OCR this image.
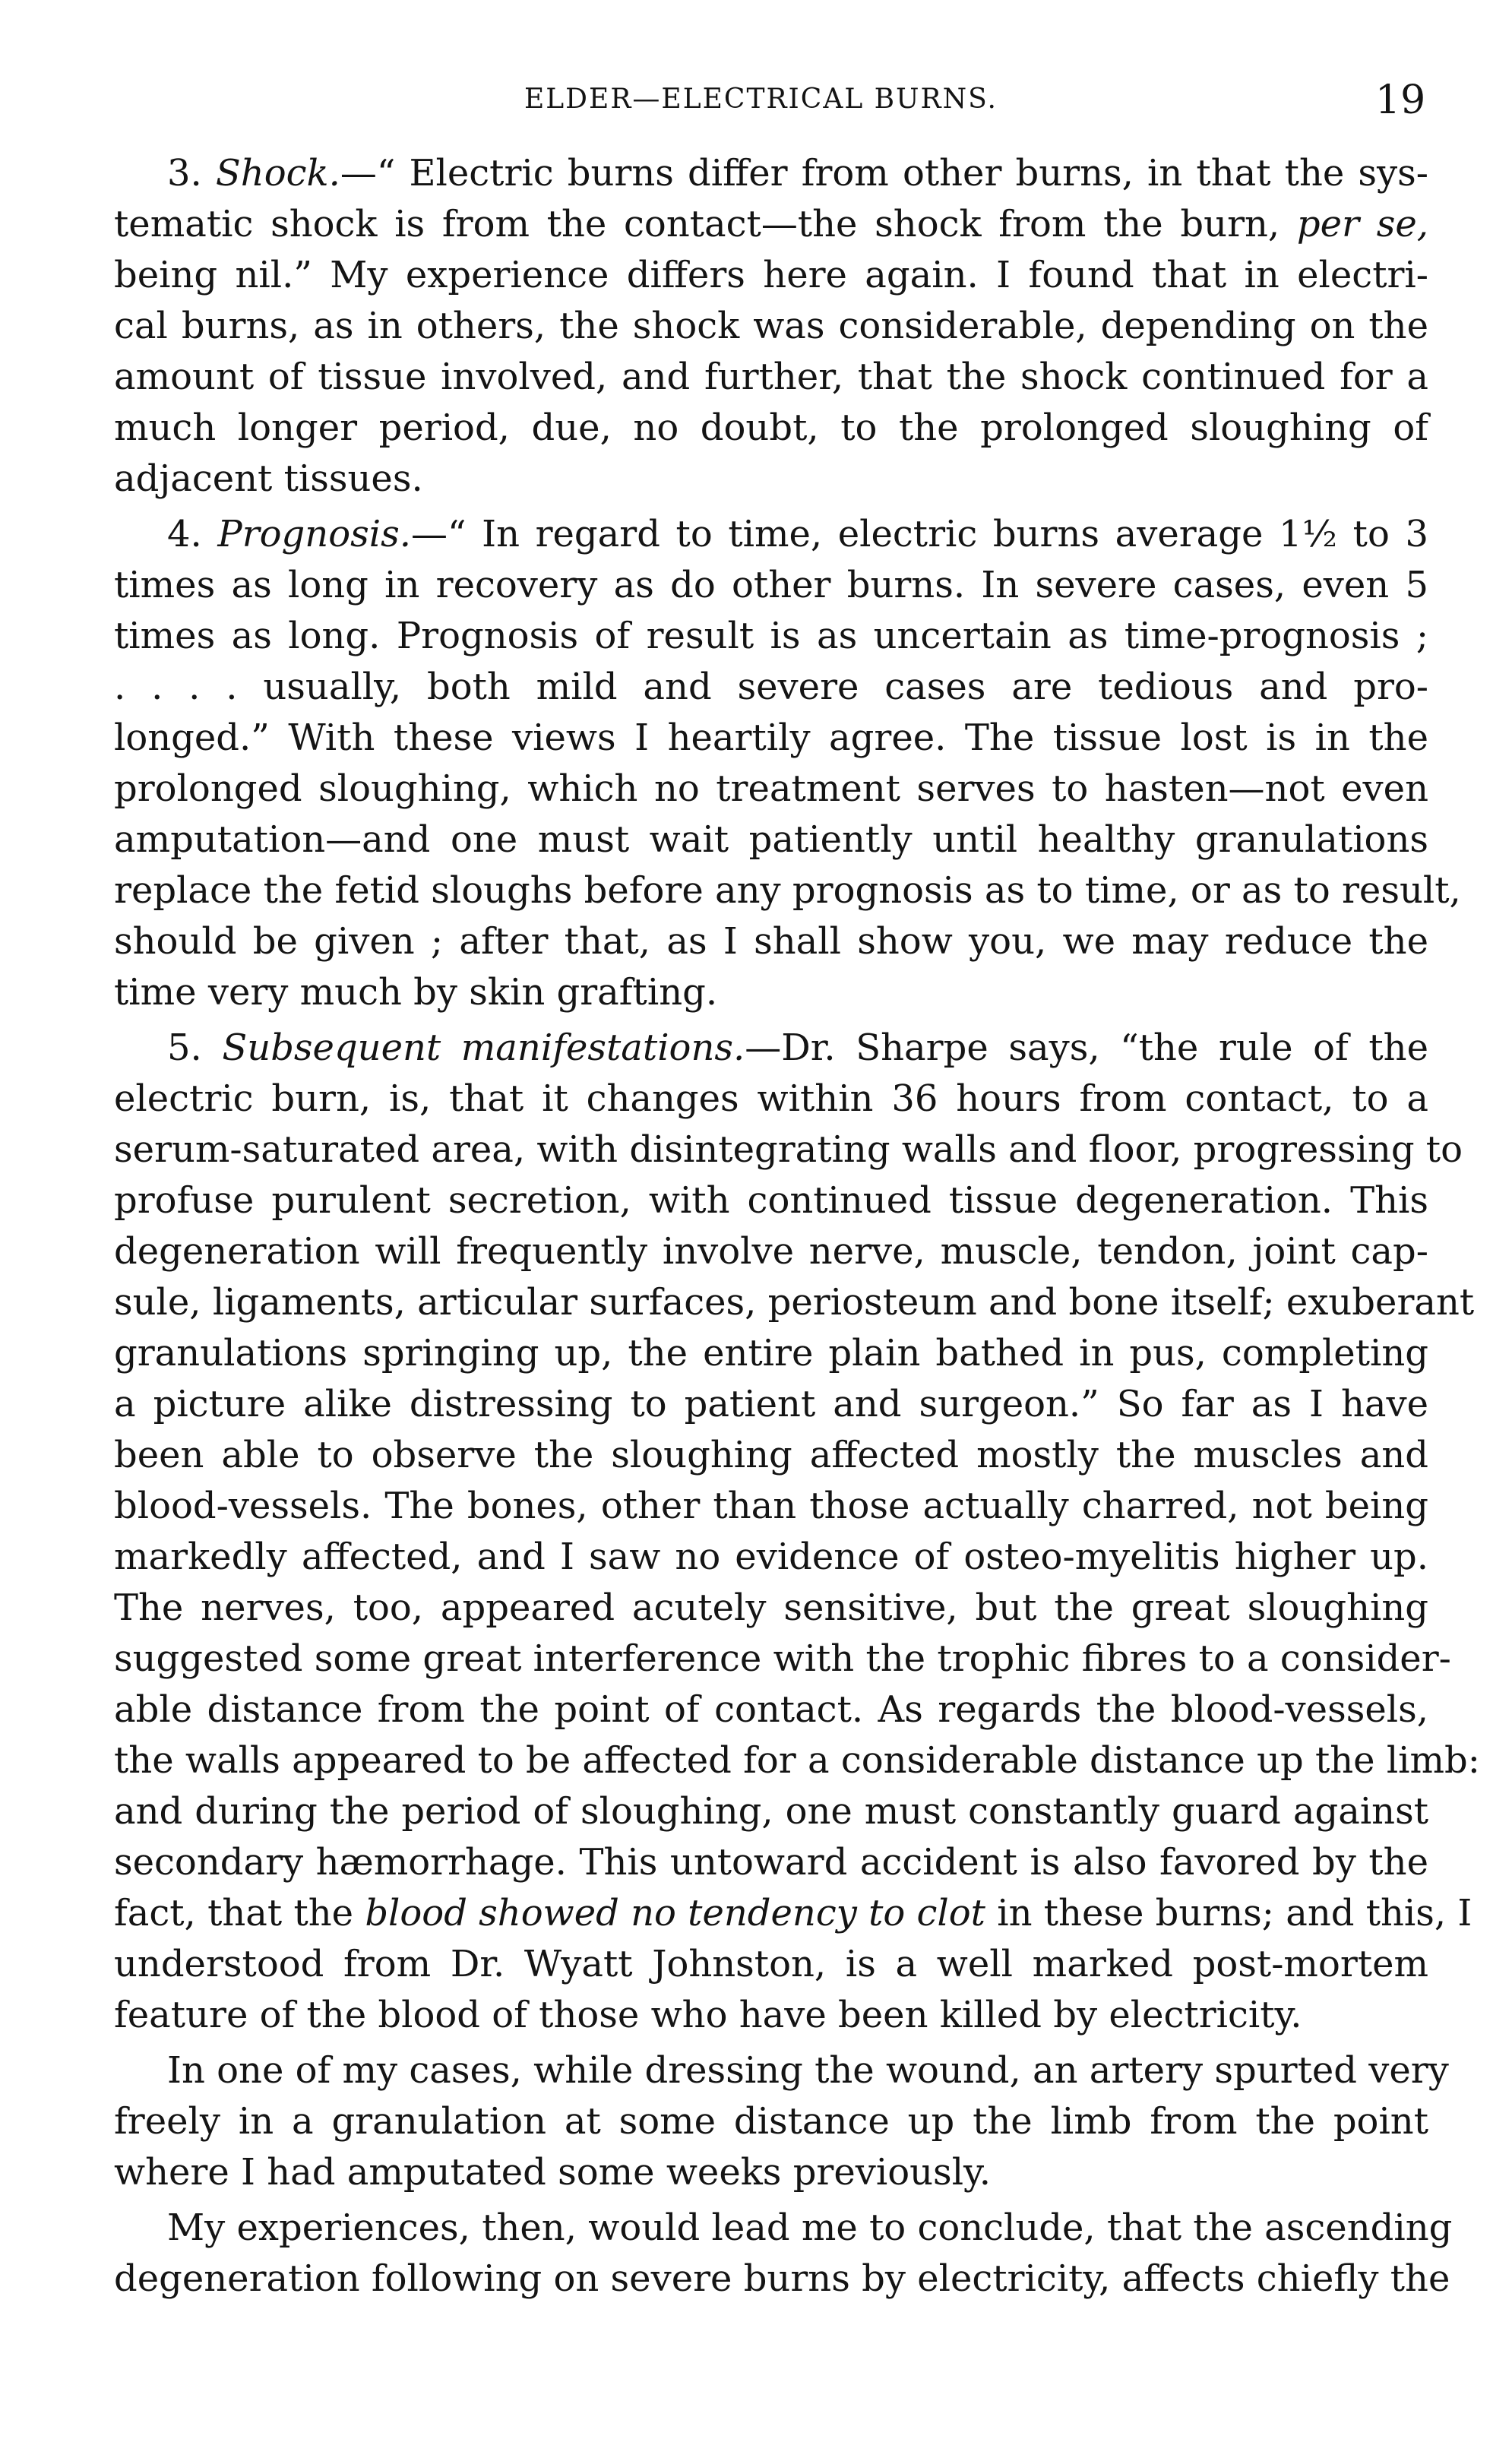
ELDER—ELECTRICAL BURNS.	19
3. Shock.—“ Electric burns differ from other burns, in that the sys-
tematic shock is from the contact—the shock from the burn, per se,
being nil.” My experience differs here again. I found that in electri-
cal burns, as in others, the shock was considerable, depending on the
amount of tissue involved, and further, that the shock continued for a
much longer period, due, no doubt, to the prolonged sloughing of
adjacent tissues.
4. Prognosis.—“ In regard to time, electric burns average 1½ to 3
times as long in recovery as do other burns. In severe cases, even 5
times as long. Prognosis of result is as uncertain as time-prognosis ;
. . . . usually, both mild and severe cases are tedious and pro-
longed.” With these views I heartily agree. The tissue lost is in the
prolonged sloughing, which no treatment serves to hasten—not even
amputation—and one must wait patiently until healthy granulations
replace the fetid sloughs before any prognosis as to time, or as to result,
should be given ; after that, as I shall show you, we may reduce the
time very much by skin grafting.
5. Subsequent manifestations.—Dr. Sharpe says, “the rule of the
electric burn, is, that it changes within 36 hours from contact, to a
serum-saturated area, with disintegrating walls and floor, progressing to
profuse purulent secretion, with continued tissue degeneration. This
degeneration will frequently involve nerve, muscle, tendon, joint cap-
sule, ligaments, articular surfaces, periosteum and bone itself; exuberant
granulations springing up, the entire plain bathed in pus, completing
a picture alike distressing to patient and surgeon.” So far as I have
been able to observe the sloughing affected mostly the muscles and
blood-vessels. The bones, other than those actually charred, not being
markedly affected, and I saw no evidence of osteo-myelitis higher up.
The nerves, too, appeared acutely sensitive, but the great sloughing
suggested some great interference with the trophic fibres to a consider-
able distance from the point of contact. As regards the blood-vessels,
the walls appeared to be affected for a considerable distance up the limb:
and during the period of sloughing, one must constantly guard against
secondary hæmorrhage. This untoward accident is also favored by the
fact, that the blood showed no tendency to clot in these burns; and this, I
understood from Dr. Wyatt Johnston, is a well marked post-mortem
feature of the blood of those who have been killed by electricity.
In one of my cases, while dressing the wound, an artery spurted very
freely in a granulation at some distance up the limb from the point
where I had amputated some weeks previously.
My experiences, then, would lead me to conclude, that the ascending
degeneration following on severe burns by electricity, affects chiefly the
